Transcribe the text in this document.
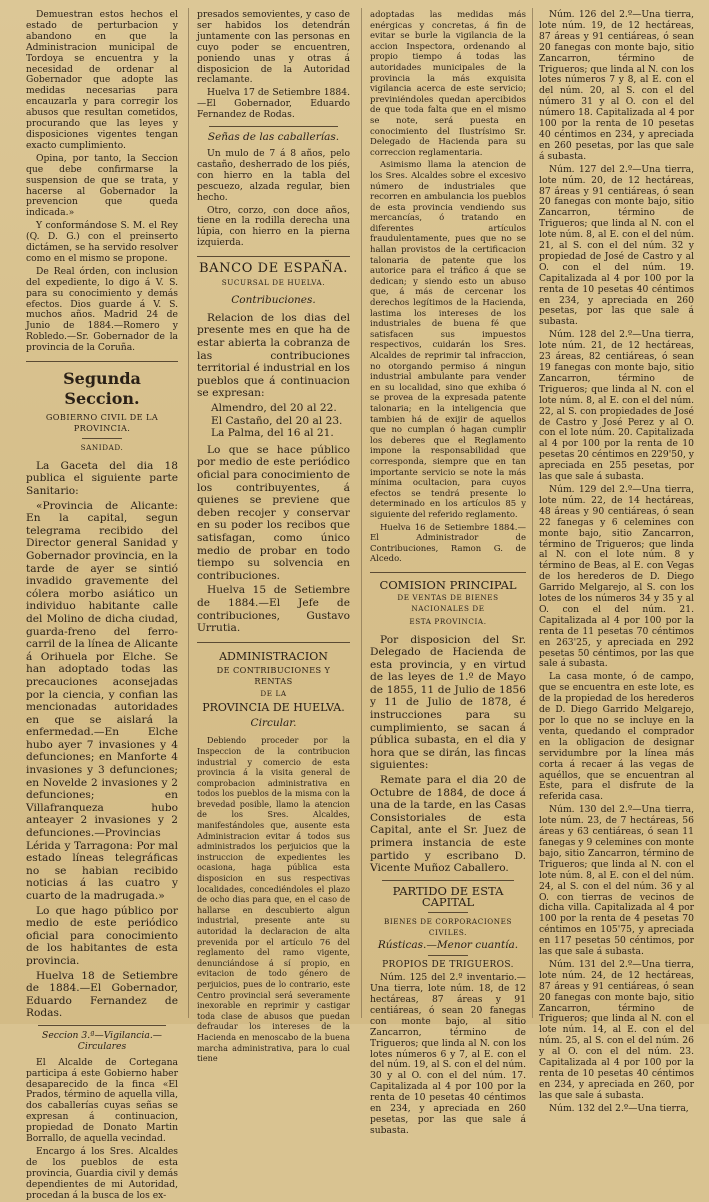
Demuestran estos hechos el estado de perturbacion y abandono en que la Administracion municipal de Tordoya se encuentra y la necesidad de ordenar al Gobernador que adopte las medidas necesarias para encauzarla y para corregir los abusos que resultan cometidos, procurando que las leyes y disposiciones vigentes tengan exacto cumplimiento.

Opina, por tanto, la Seccion que debe confirmarse la suspension de que se trata, y hacerse al Gobernador la prevencion que queda indicada.»

Y conformándose S. M. el Rey (Q. D. G.) con el preinserto dictámen, se ha servido resolver como en el mismo se propone.

De Real órden, con inclusion del expediente, lo digo á V. S. para su conocimiento y demás efectos. Dios guarde á V. S. muchos años. Madrid 24 de Junio de 1884.—Romero y Robledo.—Sr. Gobernador de la provincia de la Coruña.

Segunda Seccion.
GOBIERNO CIVIL DE LA PROVINCIA.
SANIDAD.

La Gaceta del dia 18 publica el siguiente parte Sanitario:

«Provincia de Alicante: En la capital, segun telegrama recibido del Director general Sanidad y Gobernador provincia, en la tarde de ayer se sintió invadido gravemente del cólera morbo asiático un individuo habitante calle del Molino de dicha ciudad, guarda-freno del ferro-carril de la línea de Alicante á Orihuela por Elche. Se han adoptado todas las precauciones aconsejadas por la ciencia, y confian las mencionadas autoridades en que se aislará la enfermedad.—En Elche hubo ayer 7 invasiones y 4 defunciones; en Manforte 4 invasiones y 3 defunciones; en Novelde 2 invasiones y 2 defunciones; en Villafranqueza hubo anteayer 2 invasiones y 2 defunciones.—Provincias Lérida y Tarragona: Por mal estado líneas telegráficas no se habian recibido noticias á las cuatro y cuarto de la madrugada.»

Lo que hago público por medio de este periódico oficial para conocimiento de los habitantes de esta provincia.

Huelva 18 de Setiembre de 1884.—El Gobernador, Eduardo Fernandez de Rodas.

Seccion 3.ª—Vigilancia.—Circulares

El Alcalde de Cortegana participa á este Gobierno haber desaparecido de la finca «El Prados, término de aquella villa, dos caballerías cuyas señas se expresan á continuacion, propiedad de Donato Martin Borrallo, de aquella vecindad.

Encargo á los Sres. Alcaldes de los pueblos de esta provincia, Guardia civil y demás dependientes de mi Autoridad, procedan á la busca de los ex-

presados semovientes, y caso de ser habidos los detendrán juntamente con las personas en cuyo poder se encuentren, poniendo unas y otras á disposicion de la Autoridad reclamante.

Huelva 17 de Setiembre 1884.—El Gobernador, Eduardo Fernandez de Rodas.

Señas de las caballerías.

Un mulo de 7 á 8 años, pelo castaño, desherrado de los piés, con hierro en la tabla del pescuezo, alzada regular, bien hecho.

Otro, corzo, con doce años, tiene en la rodilla derecha una lúpia, con hierro en la pierna izquierda.

BANCO DE ESPAÑA.
SUCURSAL DE HUELVA.
Contribuciones.

Relacion de los dias del presente mes en que ha de estar abierta la cobranza de las contribuciones territorial é industrial en los pueblos que á continuacion se expresan:

Almendro, del 20 al 22.

El Castaño, del 20 al 23.

La Palma, del 16 al 21.

Lo que se hace público por medio de este periódico oficial para conocimiento de los contribuyentes, á quienes se previene que deben recojer y conservar en su poder los recibos que satisfagan, como único medio de probar en todo tiempo su solvencia en contribuciones.

Huelva 15 de Setiembre de 1884.—El Jefe de contribuciones, Gustavo Urrutia.

ADMINISTRACION
DE CONTRIBUCIONES Y RENTAS
DE LA
PROVINCIA DE HUELVA.
Circular.

Debiendo proceder por la Inspeccion de la contribucion industrial y comercio de esta provincia á la visita general de comprobacion administrativa en todos los pueblos de la misma con la brevedad posible, llamo la atencion de los Sres. Alcaldes, manifestándoles que, ausente esta Administracion evitar á todos sus administrados los perjuicios que la instruccion de expedientes les ocasiona, haga pública esta disposicion en sus respectivas localidades, concediéndoles el plazo de ocho dias para que, en el caso de hallarse en descubierto algun industrial, presente ante su autoridad la declaracion de alta prevenida por el artículo 76 del reglamento del ramo vigente, denunciándose á sí propio, en evitacion de todo género de perjuicios, pues de lo contrario, este Centro provincial será severamente inexorable en reprimir y castigar toda clase de abusos que puedan defraudar los intereses de la Hacienda en menoscabo de la buena marcha administrativa, para lo cual tiene

adoptadas las medidas más enérgicas y concretas, á fin de evitar se burle la vigilancia de la accion Inspectora, ordenando al propio tiempo á todas las autoridades municipales de la provincia la más exquisita vigilancia acerca de este servicio; previniéndoles quedan apercibidos de que toda falta que en el mismo se note, será puesta en conocimiento del Ilustrísimo Sr. Delegado de Hacienda para su correccion reglamentaria.

Asimismo llama la atencion de los Sres. Alcaldes sobre el excesivo número de industriales que recorren en ambulancia los pueblos de esta provincia vendiendo sus mercancías, ó tratando en diferentes artículos fraudulentamente, pues que no se hallan provistos de la certificacion talonaria de patente que los autorice para el tráfico á que se dedican; y siendo esto un abuso que, á más de cercenar los derechos legítimos de la Hacienda, lastima los intereses de los industriales de buena fé que satisfacen sus impuestos respectivos, cuidarán los Sres. Alcaldes de reprimir tal infraccion, no otorgando permiso á ningun industrial ambulante para vender en su localidad, sino que exhiba ó se provea de la expresada patente talonaria; en la inteligencia que tambien há de exijir de aquellos que no cumplan ó hagan cumplir los deberes que el Reglamento impone la responsabilidad que corresponda, siempre que en tan importante servicio se note la más mínima ocultacion, para cuyos efectos se tendrá presente lo determinado en los artículos 85 y siguiente del referido reglamento.

Huelva 16 de Setiembre 1884.—El Administrador de Contribuciones, Ramon G. de Alcedo.

COMISION PRINCIPAL
DE VENTAS DE BIENES NACIONALES DE
ESTA PROVINCIA.

Por disposicion del Sr. Delegado de Hacienda de esta provincia, y en virtud de las leyes de 1.º de Mayo de 1855, 11 de Julio de 1856 y 11 de Julio de 1878, é instrucciones para su cumplimiento, se sacan á pública subasta, en el dia y hora que se dirán, las fincas siguientes:

Remate para el dia 20 de Octubre de 1884, de doce á una de la tarde, en las Casas Consistoriales de esta Capital, ante el Sr. Juez de primera instancia de este partido y escribano D. Vicente Muñoz Caballero.

PARTIDO DE ESTA CAPITAL
BIENES DE CORPORACIONES CIVILES.
Rústicas.—Menor cuantía.
PROPIOS DE TRIGUEROS.

Núm. 125 del 2.º inventario.—Una tierra, lote núm. 18, de 12 hectáreas, 87 áreas y 91 centiáreas, ó sean 20 fanegas con monte bajo, al sitio Zancarron, término de Trigueros; que linda al N. con los lotes números 6 y 7, al E. con el del núm. 19, al S. con el del núm. 30 y al O. con el del núm. 17. Capitalizada al 4 por 100 por la renta de 10 pesetas 40 céntimos en 234, y apreciada en 260 pesetas, por las que sale á subasta.

Núm. 126 del 2.º—Una tierra, lote núm. 19, de 12 hectáreas, 87 áreas y 91 centiáreas, ó sean 20 fanegas con monte bajo, sitio Zancarron, término de Trigueros; que linda al N. con los lotes números 7 y 8, al E. con el del núm. 20, al S. con el del número 31 y al O. con el del número 18. Capitalizada al 4 por 100 por la renta de 10 pesetas 40 céntimos en 234, y apreciada en 260 pesetas, por las que sale á subasta.

Núm. 127 del 2.º—Una tierra, lote núm. 20, de 12 hectáreas, 87 áreas y 91 centiáreas, ó sean 20 fanegas con monte bajo, sitio Zancarron, término de Trigueros; que linda al N. con el lote núm. 8, al E. con el del núm. 21, al S. con el del núm. 32 y propiedad de José de Castro y al O. con el del núm. 19. Capitalizada al 4 por 100 por la renta de 10 pesetas 40 céntimos en 234, y apreciada en 260 pesetas, por las que sale á subasta.

Núm. 128 del 2.º—Una tierra, lote núm. 21, de 12 hectáreas, 23 áreas, 82 centiáreas, ó sean 19 fanegas con monte bajo, sitio Zancarron, término de Trigueros; que linda al N. con el lote núm. 8, al E. con el del núm. 22, al S. con propiedades de José de Castro y José Perez y al O. con el lote núm. 20. Capitalizada al 4 por 100 por la renta de 10 pesetas 20 céntimos en 229'50, y apreciada en 255 pesetas, por las que sale á subasta.

Núm. 129 del 2.º—Una tierra, lote núm. 22, de 14 hectáreas, 48 áreas y 90 centiáreas, ó sean 22 fanegas y 6 celemines con monte bajo, sitio Zancarron, término de Trigueros; que linda al N. con el lote núm. 8 y término de Beas, al E. con Vegas de los herederos de D. Diego Garrido Melgarejo, al S. con los lotes de los números 34 y 35 y al O. con el del núm. 21. Capitalizada al 4 por 100 por la renta de 11 pesetas 70 céntimos en 263'25, y apreciada en 292 pesetas 50 céntimos, por las que sale á subasta.

La casa monte, ó de campo, que se encuentra en este lote, es de la propiedad de los herederos de D. Diego Garrido Melgarejo, por lo que no se incluye en la venta, quedando el comprador en la obligacion de designar servidumbre por la línea más corta á recaer á las vegas de aquéllos, que se encuentran al Este, para el disfrute de la referida casa.

Núm. 130 del 2.º—Una tierra, lote núm. 23, de 7 hectáreas, 56 áreas y 63 centiáreas, ó sean 11 fanegas y 9 celemines con monte bajo, sitio Zancarron, término de Trigueros; que linda al N. con el lote núm. 8, al E. con el del núm. 24, al S. con el del núm. 36 y al O. con tierras de vecinos de dicha villa. Capitalizada al 4 por 100 por la renta de 4 pesetas 70 céntimos en 105'75, y apreciada en 117 pesetas 50 céntimos, por las que sale á subasta.

Núm. 131 del 2.º—Una tierra, lote núm. 24, de 12 hectáreas, 87 áreas y 91 centiáreas, ó sean 20 fanegas con monte bajo, sitio Zancarron, término de Trigueros; que linda al N. con el lote núm. 14, al E. con el del núm. 25, al S. con el del núm. 26 y al O. con el del núm. 23. Capitalizada al 4 por 100 por la renta de 10 pesetas 40 céntimos en 234, y apreciada en 260, por las que sale á subasta.

Núm. 132 del 2.º—Una tierra,
